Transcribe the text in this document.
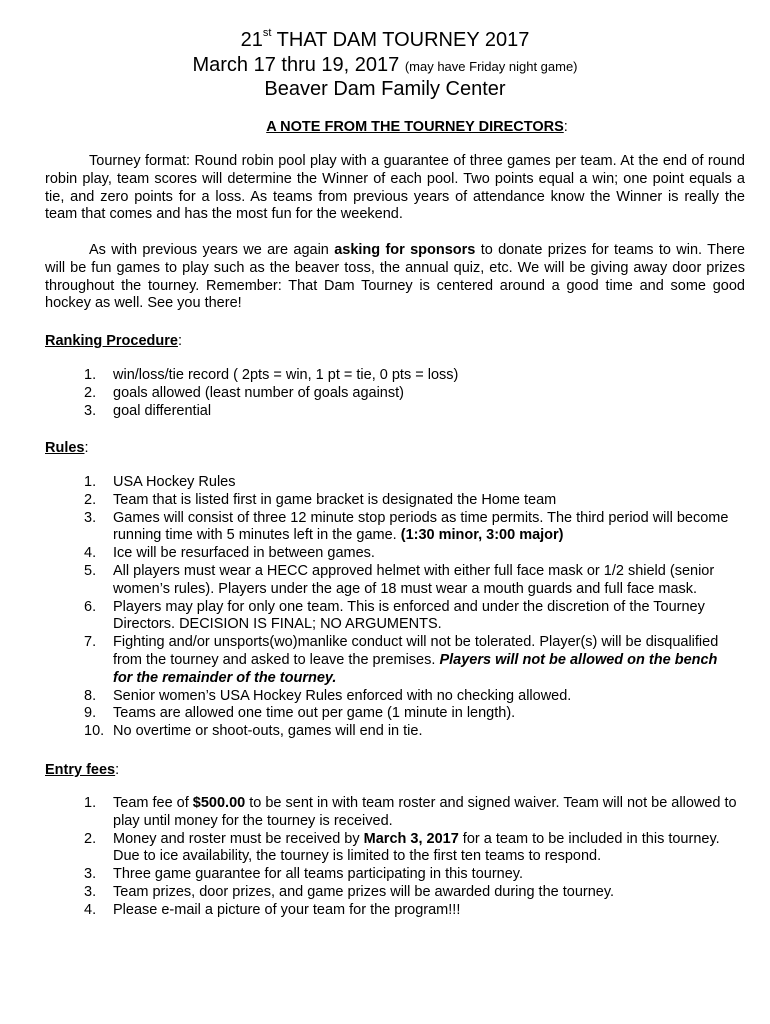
21st THAT DAM TOURNEY 2017
March 17 thru 19, 2017 (may have Friday night game)
Beaver Dam Family Center
A NOTE FROM THE TOURNEY DIRECTORS:
Tourney format: Round robin pool play with a guarantee of three games per team. At the end of round robin play, team scores will determine the Winner of each pool. Two points equal a win; one point equals a tie, and zero points for a loss. As teams from previous years of attendance know the Winner is really the team that comes and has the most fun for the weekend.
As with previous years we are again asking for sponsors to donate prizes for teams to win. There will be fun games to play such as the beaver toss, the annual quiz, etc. We will be giving away door prizes throughout the tourney. Remember: That Dam Tourney is centered around a good time and some good hockey as well. See you there!
Ranking Procedure:
1.	win/loss/tie record ( 2pts = win, 1 pt = tie, 0 pts = loss)
2.	goals allowed (least number of goals against)
3.	goal differential
Rules:
1.	USA Hockey Rules
2.	Team that is listed first in game bracket is designated the Home team
3.	Games will consist of three 12 minute stop periods as time permits. The third period will become running time with 5 minutes left in the game. (1:30 minor, 3:00 major)
4.	Ice will be resurfaced in between games.
5.	All players must wear a HECC approved helmet with either full face mask or 1/2 shield (senior women’s rules). Players under the age of 18 must wear a mouth guards and full face mask.
6.	Players may play for only one team. This is enforced and under the discretion of the Tourney Directors. DECISION IS FINAL; NO ARGUMENTS.
7.	Fighting and/or unsports(wo)manlike conduct will not be tolerated. Player(s) will be disqualified from the tourney and asked to leave the premises. Players will not be allowed on the bench for the remainder of the tourney.
8.	Senior women’s USA Hockey Rules enforced with no checking allowed.
9.	Teams are allowed one time out per game (1 minute in length).
10. No overtime or shoot-outs, games will end in tie.
Entry fees:
1.	Team fee of $500.00 to be sent in with team roster and signed waiver. Team will not be allowed to play until money for the tourney is received.
2.	Money and roster must be received by March 3, 2017 for a team to be included in this tourney. Due to ice availability, the tourney is limited to the first ten teams to respond.
3.	Three game guarantee for all teams participating in this tourney.
3.	Team prizes, door prizes, and game prizes will be awarded during the tourney.
4.	Please e-mail a picture of your team for the program!!!
